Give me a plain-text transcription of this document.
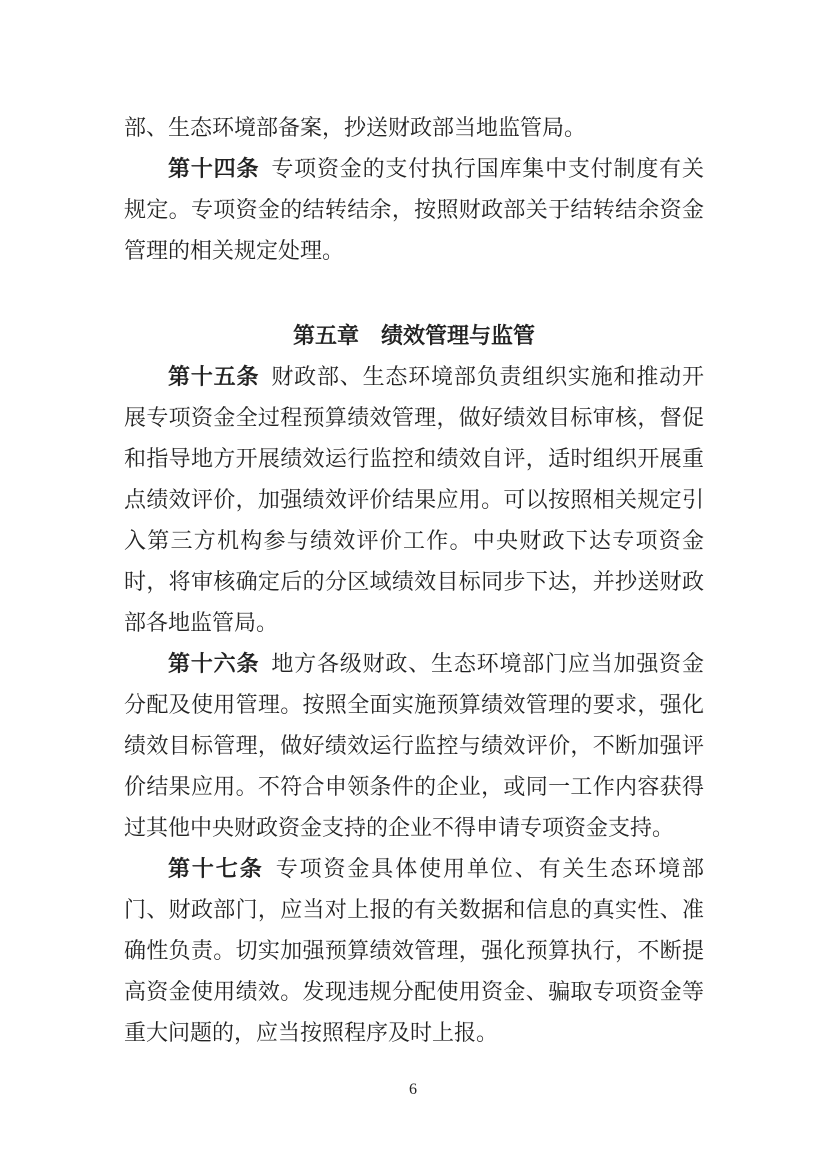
部、生态环境部备案，抄送财政部当地监管局。

第十四条 专项资金的支付执行国库集中支付制度有关规定。专项资金的结转结余，按照财政部关于结转结余资金管理的相关规定处理。

第五章　绩效管理与监管

第十五条 财政部、生态环境部负责组织实施和推动开展专项资金全过程预算绩效管理，做好绩效目标审核，督促和指导地方开展绩效运行监控和绩效自评，适时组织开展重点绩效评价，加强绩效评价结果应用。可以按照相关规定引入第三方机构参与绩效评价工作。中央财政下达专项资金时，将审核确定后的分区域绩效目标同步下达，并抄送财政部各地监管局。

第十六条 地方各级财政、生态环境部门应当加强资金分配及使用管理。按照全面实施预算绩效管理的要求，强化绩效目标管理，做好绩效运行监控与绩效评价，不断加强评价结果应用。不符合申领条件的企业，或同一工作内容获得过其他中央财政资金支持的企业不得申请专项资金支持。

第十七条 专项资金具体使用单位、有关生态环境部门、财政部门，应当对上报的有关数据和信息的真实性、准确性负责。切实加强预算绩效管理，强化预算执行，不断提高资金使用绩效。发现违规分配使用资金、骗取专项资金等重大问题的，应当按照程序及时上报。

6
